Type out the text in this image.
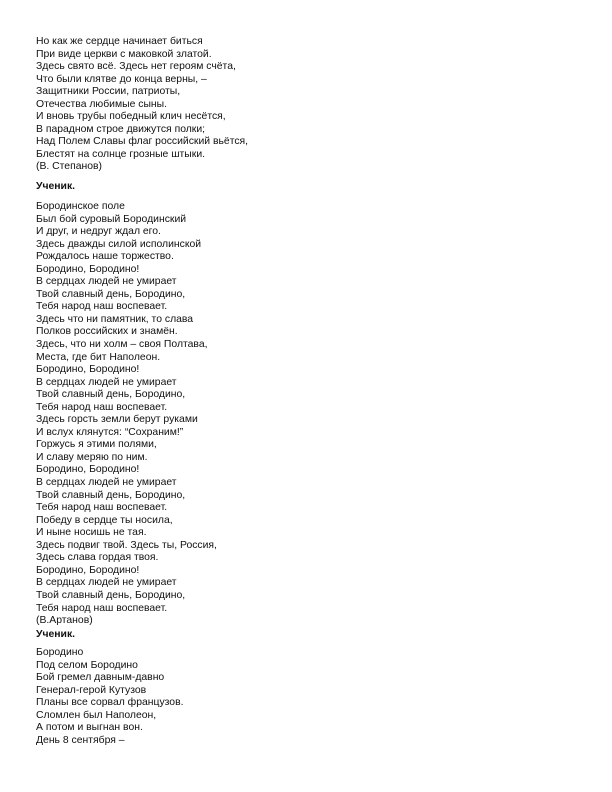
Но как же сердце начинает биться
При виде церкви с маковкой златой.
Здесь свято всё. Здесь нет героям счёта,
Что были клятве до конца верны, –
Защитники России, патриоты,
Отечества любимые сыны.
И вновь трубы победный клич несётся,
В парадном строе движутся полки;
Над Полем Славы флаг российский вьётся,
Блестят на солнце грозные штыки.
(В. Степанов)
Ученик.
Бородинское поле
Был бой суровый Бородинский
И друг, и недруг ждал его.
Здесь дважды силой исполинской
Рождалось наше торжество.
Бородино, Бородино!
В сердцах людей не умирает
Твой славный день, Бородино,
Тебя народ наш воспевает.
Здесь что ни памятник, то слава
Полков российских и знамён.
Здесь, что ни холм – своя Полтава,
Места, где бит Наполеон.
Бородино, Бородино!
В сердцах людей не умирает
Твой славный день, Бородино,
Тебя народ наш воспевает.
Здесь горсть земли берут руками
И вслух клянутся: “Сохраним!”
Горжусь я этими полями,
И славу меряю по ним.
Бородино, Бородино!
В сердцах людей не умирает
Твой славный день, Бородино,
Тебя народ наш воспевает.
Победу в сердце ты носила,
И ныне носишь не тая.
Здесь подвиг твой. Здесь ты, Россия,
Здесь слава гордая твоя.
Бородино, Бородино!
В сердцах людей не умирает
Твой славный день, Бородино,
Тебя народ наш воспевает.
(В.Артанов)
Ученик.
Бородино
Под селом Бородино
Бой гремел давным-давно
Генерал-герой Кутузов
Планы все сорвал французов.
Сломлен был Наполеон,
А потом и выгнан вон.
День 8 сентября –
